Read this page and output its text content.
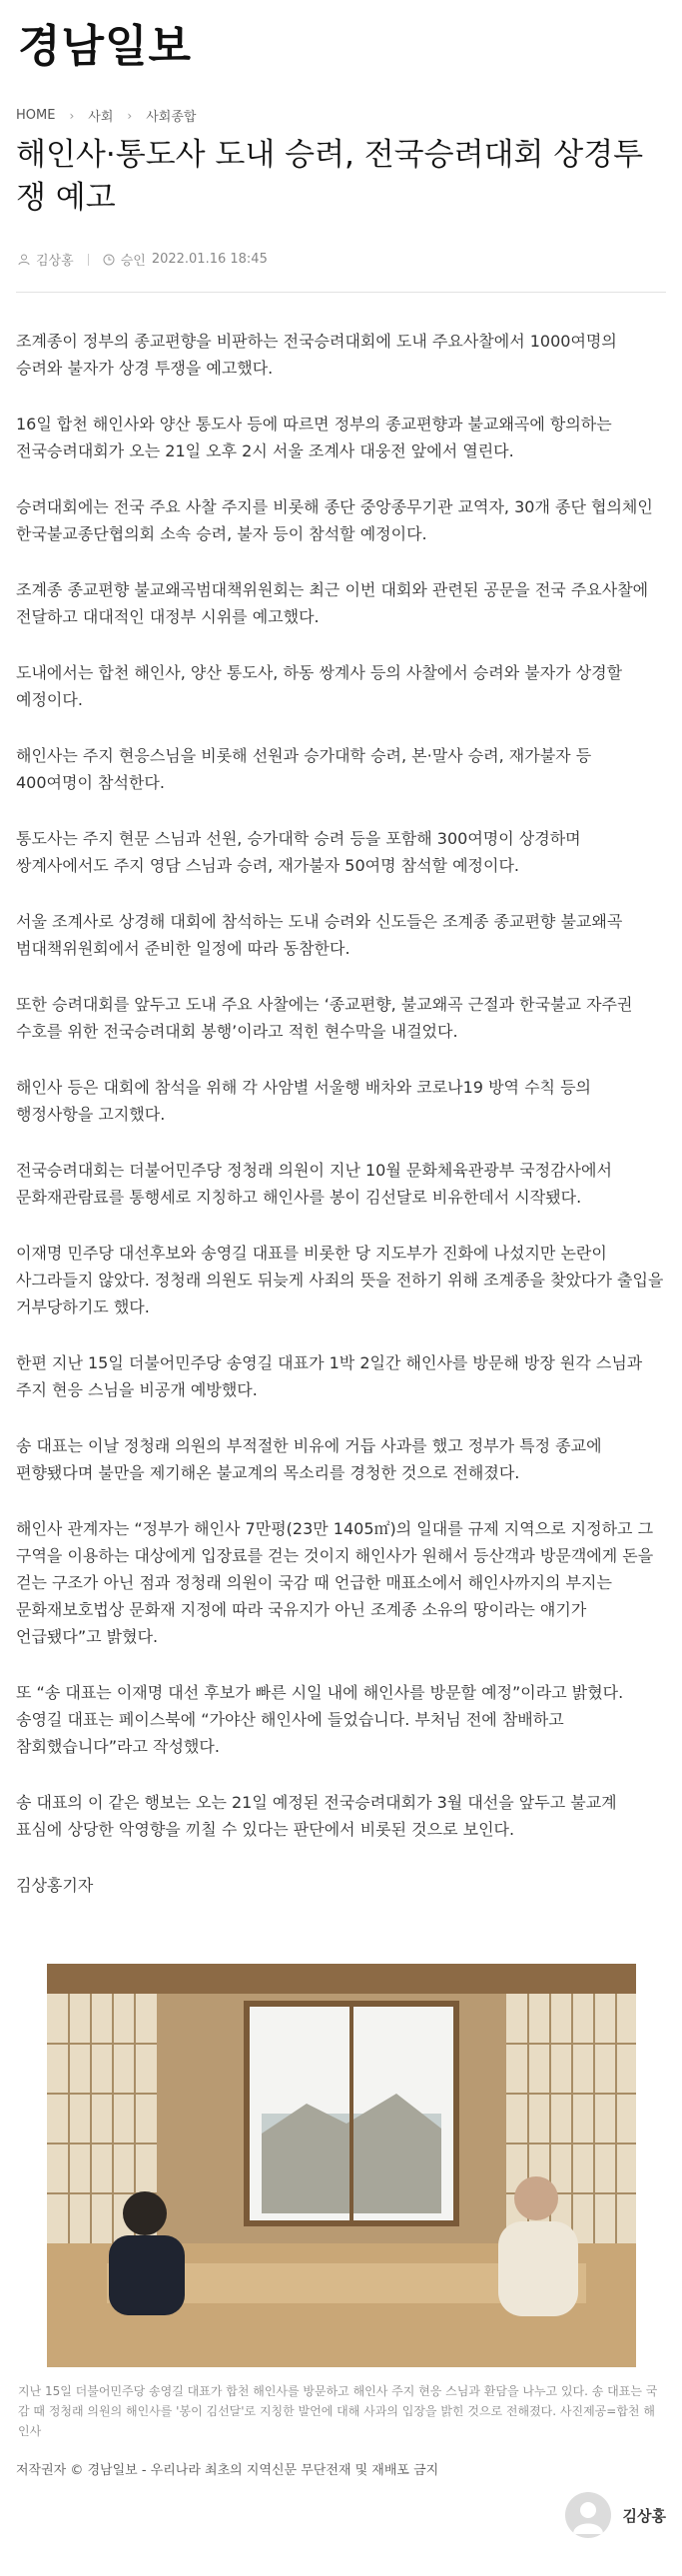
경남일보
HOME › 사회 › 사회종합
해인사·통도사 도내 승려, 전국승려대회 상경투쟁 예고
김상홍	승인 2022.01.16 18:45

조계종이 정부의 종교편향을 비판하는 전국승려대회에 도내 주요사찰에서 1000여명의 승려와 불자가 상경 투쟁을 예고했다.

16일 합천 해인사와 양산 통도사 등에 따르면 정부의 종교편향과 불교왜곡에 항의하는 전국승려대회가 오는 21일 오후 2시 서울 조계사 대웅전 앞에서 열린다.

승려대회에는 전국 주요 사찰 주지를 비롯해 종단 중앙종무기관 교역자, 30개 종단 협의체인 한국불교종단협의회 소속 승려, 불자 등이 참석할 예정이다.

조계종 종교편향 불교왜곡범대책위원회는 최근 이번 대회와 관련된 공문을 전국 주요사찰에 전달하고 대대적인 대정부 시위를 예고했다.

도내에서는 합천 해인사, 양산 통도사, 하동 쌍계사 등의 사찰에서 승려와 불자가 상경할 예정이다.

해인사는 주지 현응스님을 비롯해 선원과 승가대학 승려, 본·말사 승려, 재가불자 등 400여명이 참석한다.

통도사는 주지 현문 스님과 선원, 승가대학 승려 등을 포함해 300여명이 상경하며 쌍계사에서도 주지 영담 스님과 승려, 재가불자 50여명 참석할 예정이다.

서울 조계사로 상경해 대회에 참석하는 도내 승려와 신도들은 조계종 종교편향 불교왜곡 범대책위원회에서 준비한 일정에 따라 동참한다.

또한 승려대회를 앞두고 도내 주요 사찰에는 ‘종교편향, 불교왜곡 근절과 한국불교 자주권 수호를 위한 전국승려대회 봉행’이라고 적힌 현수막을 내걸었다.

해인사 등은 대회에 참석을 위해 각 사암별 서울행 배차와 코로나19 방역 수칙 등의 행정사항을 고지했다.

전국승려대회는 더불어민주당 정청래 의원이 지난 10월 문화체육관광부 국정감사에서 문화재관람료를 통행세로 지칭하고 해인사를 봉이 김선달로 비유한데서 시작됐다.

이재명 민주당 대선후보와 송영길 대표를 비롯한 당 지도부가 진화에 나섰지만 논란이 사그라들지 않았다. 정청래 의원도 뒤늦게 사죄의 뜻을 전하기 위해 조계종을 찾았다가 출입을 거부당하기도 했다.

한편 지난 15일 더불어민주당 송영길 대표가 1박 2일간 해인사를 방문해 방장 원각 스님과 주지 현응 스님을 비공개 예방했다.

송 대표는 이날 정청래 의원의 부적절한 비유에 거듭 사과를 했고 정부가 특정 종교에 편향됐다며 불만을 제기해온 불교계의 목소리를 경청한 것으로 전해졌다.

해인사 관계자는 “정부가 해인사 7만평(23만 1405㎡)의 일대를 규제 지역으로 지정하고 그 구역을 이용하는 대상에게 입장료를 걷는 것이지 해인사가 원해서 등산객과 방문객에게 돈을 걷는 구조가 아닌 점과 정청래 의원이 국감 때 언급한 매표소에서 해인사까지의 부지는 문화재보호법상 문화재 지정에 따라 국유지가 아닌 조계종 소유의 땅이라는 얘기가 언급됐다”고 밝혔다.

또 “송 대표는 이재명 대선 후보가 빠른 시일 내에 해인사를 방문할 예정”이라고 밝혔다. 송영길 대표는 페이스북에 “가야산 해인사에 들었습니다. 부처님 전에 참배하고 참회했습니다”라고 작성했다.

송 대표의 이 같은 행보는 오는 21일 예정된 전국승려대회가 3월 대선을 앞두고 불교계 표심에 상당한 악영향을 끼칠 수 있다는 판단에서 비롯된 것으로 보인다.

김상홍기자

지난 15일 더불어민주당 송영길 대표가 합천 해인사를 방문하고 해인사 주지 현응 스님과 환담을 나누고 있다. 송 대표는 국감 때 정청래 의원의 해인사를 '봉이 김선달'로 지칭한 발언에 대해 사과의 입장을 밝힌 것으로 전해졌다. 사진제공=합천 해인사

저작권자 © 경남일보 - 우리나라 최초의 지역신문 무단전재 및 재배포 금지
김상홍
